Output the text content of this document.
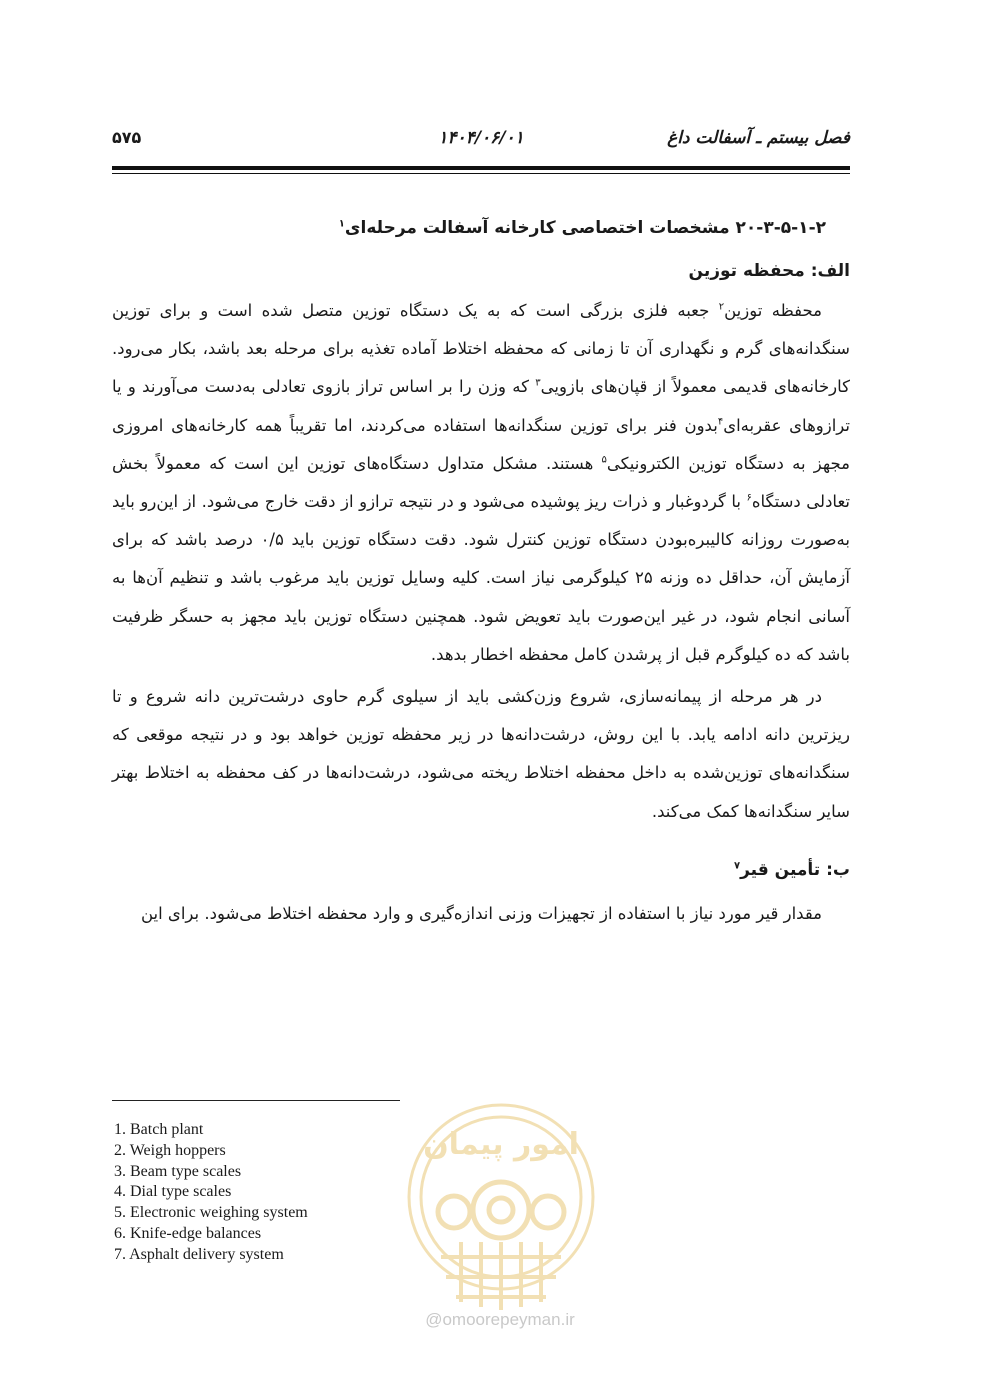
فصل بیستم ـ آسفالت داغ
۱۴۰۴/۰۶/۰۱
۵۷۵
۲۰-۳-۵-۱-۲ مشخصات اختصاصی کارخانه آسفالت مرحله‌ای$^۱$
الف: محفظه توزین

محفظه توزین$^۲$ جعبه فلزی بزرگی است که به یک دستگاه توزین متصل شده است و برای توزین سنگدانه‌های گرم و نگهداری آن تا زمانی که محفظه اختلاط آماده تغذیه برای مرحله بعد باشد، بکار می‌رود. کارخانه‌های قدیمی معمولاً از قپان‌های بازویی$^۳$ که وزن را بر اساس تراز بازوی تعادلی به‌دست می‌آورند و یا ترازوهای عقربه‌ای$^۴$بدون فنر برای توزین سنگدانه‌ها استفاده می‌کردند، اما تقریباً همه کارخانه‌های امروزی مجهز به دستگاه توزین الکترونیکی$^۵$ هستند. مشکل متداول دستگاه‌های توزین این است که معمولاً بخش تعادلی دستگاه$^۶$ با گردوغبار و ذرات ریز پوشیده می‌شود و در نتیجه ترازو از دقت خارج می‌شود. از این‌رو باید به‌صورت روزانه کالیبره‌بودن دستگاه توزین کنترل شود. دقت دستگاه توزین باید ۰/۵ درصد باشد که برای آزمایش آن، حداقل ده وزنه ۲۵ کیلوگرمی نیاز است. کلیه وسایل توزین باید مرغوب باشد و تنظیم آن‌ها به آسانی انجام شود، در غیر این‌صورت باید تعویض شود. همچنین دستگاه توزین باید مجهز به حسگر ظرفیت باشد که ده کیلوگرم قبل از پرشدن کامل محفظه اخطار بدهد.

در هر مرحله از پیمانه‌سازی، شروع وزن‌کشی باید از سیلوی گرم حاوی درشت‌ترین دانه شروع و تا ریزترین دانه ادامه یابد. با این روش، درشت‌دانه‌ها در زیر محفظه توزین خواهد بود و در نتیجه موقعی که سنگدانه‌های توزین‌شده به داخل محفظه اختلاط ریخته می‌شود، درشت‌دانه‌ها در کف محفظه به اختلاط بهتر سایر سنگدانه‌ها کمک می‌کند.

ب: تأمین قیر$^۷$

مقدار قیر مورد نیاز با استفاده از تجهیزات وزنی اندازه‌گیری و وارد محفظه اختلاط می‌شود. برای این

1. Batch plant
2. Weigh hoppers
3. Beam type scales
4. Dial type scales
5. Electronic weighing system
6. Knife-edge balances
7. Asphalt delivery system
امور پیمان
@omoorepeyman.ir
